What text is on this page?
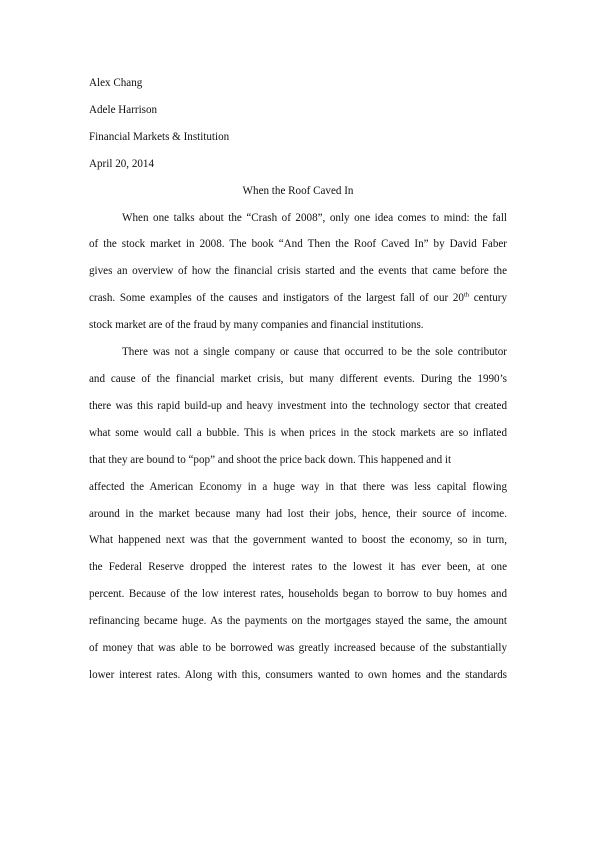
Alex Chang

Adele Harrison

Financial Markets & Institution

April 20, 2014

When the Roof Caved In

When one talks about the “Crash of 2008”, only one idea comes to mind: the fall

of the stock market in 2008. The book “And Then the Roof Caved In” by David Faber

gives an overview of how the financial crisis started and the events that came before the

crash. Some examples of the causes and instigators of the largest fall of our 20th century

stock market are of the fraud by many companies and financial institutions.

There was not a single company or cause that occurred to be the sole contributor

and cause of the financial market crisis, but many different events. During the 1990’s

there was this rapid build-up and heavy investment into the technology sector that created

what some would call a bubble. This is when prices in the stock markets are so inflated

that they are bound to “pop” and shoot the price back down. This happened and it

affected the American Economy in a huge way in that there was less capital flowing

around in the market because many had lost their jobs, hence, their source of income.

What happened next was that the government wanted to boost the economy, so in turn,

the Federal Reserve dropped the interest rates to the lowest it has ever been, at one

percent. Because of the low interest rates, households began to borrow to buy homes and

refinancing became huge. As the payments on the mortgages stayed the same, the amount

of money that was able to be borrowed was greatly increased because of the substantially

lower interest rates. Along with this, consumers wanted to own homes and the standards
